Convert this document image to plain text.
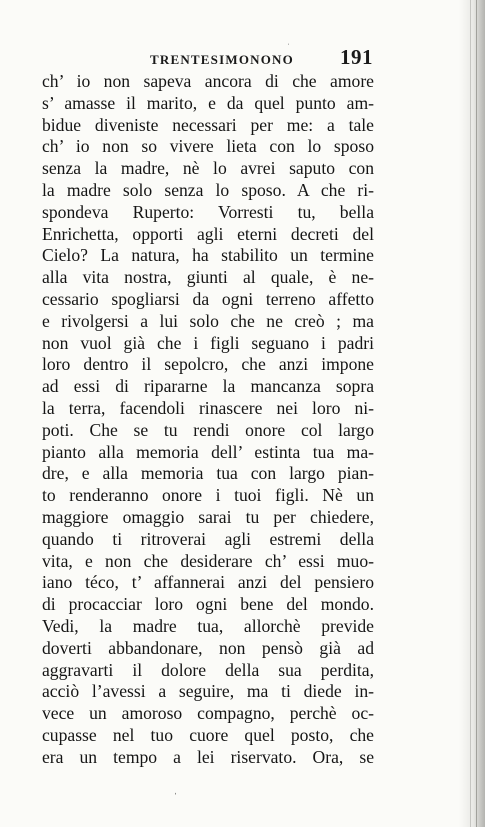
TRENTESIMONONO 191
ˈ
ch’ io non sapeva ancora di che amore
s’ amasse il marito, e da quel punto am-
bidue diveniste necessari per me: a tale
ch’ io non so vivere lieta con lo sposo
senza la madre, nè lo avrei saputo con
la madre solo senza lo sposo. A che ri-
spondeva Ruperto: Vorresti tu, bella
Enrichetta, opporti agli eterni decreti del
Cielo? La natura, ha stabilito un termine
alla vita nostra, giunti al quale, è ne-
cessario spogliarsi da ogni terreno affetto
e rivolgersi a lui solo che ne creò ; ma
non vuol già che i figli seguano i padri
loro dentro il sepolcro, che anzi impone
ad essi di ripararne la mancanza sopra
la terra, facendoli rinascere nei loro ni-
poti. Che se tu rendi onore col largo
pianto alla memoria dell’ estinta tua ma-
dre, e alla memoria tua con largo pian-
to renderanno onore i tuoi figli. Nè un
maggiore omaggio sarai tu per chiedere,
quando ti ritroverai agli estremi della
vita, e non che desiderare ch’ essi muo-
iano téco, t’ affannerai anzi del pensiero
di procacciar loro ogni bene del mondo.
Vedi, la madre tua, allorchè previde
doverti abbandonare, non pensò già ad
aggravarti il dolore della sua perdita,
acciò l’avessi a seguire, ma ti diede in-
vece un amoroso compagno, perchè oc-
cupasse nel tuo cuore quel posto, che
era un tempo a lei riservato. Ora, se
ˈ
